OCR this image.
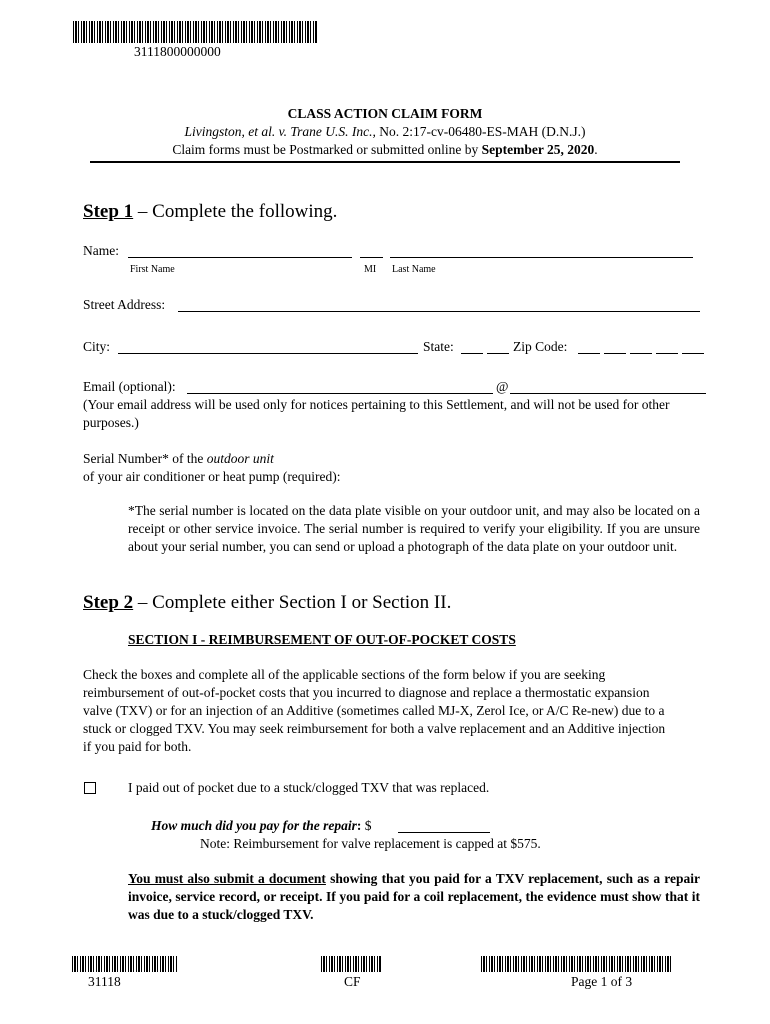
3111800000000
CLASS ACTION CLAIM FORM
Livingston, et al. v. Trane U.S. Inc., No. 2:17-cv-06480-ES-MAH (D.N.J.)
Claim forms must be Postmarked or submitted online by September 25, 2020.
Step 1 – Complete the following.
Name:
First Name	MI Last Name
Street Address:
City:	State:	Zip Code:
Email (optional):	@
(Your email address will be used only for notices pertaining to this Settlement, and will not be used for other purposes.)
Serial Number* of the outdoor unit
of your air conditioner or heat pump (required):
*The serial number is located on the data plate visible on your outdoor unit, and may also be located on a receipt or other service invoice. The serial number is required to verify your eligibility. If you are unsure about your serial number, you can send or upload a photograph of the data plate on your outdoor unit.
Step 2 – Complete either Section I or Section II.
SECTION I - REIMBURSEMENT OF OUT-OF-POCKET COSTS
Check the boxes and complete all of the applicable sections of the form below if you are seeking reimbursement of out-of-pocket costs that you incurred to diagnose and replace a thermostatic expansion valve (TXV) or for an injection of an Additive (sometimes called MJ-X, Zerol Ice, or A/C Re-new) due to a stuck or clogged TXV. You may seek reimbursement for both a valve replacement and an Additive injection if you paid for both.
I paid out of pocket due to a stuck/clogged TXV that was replaced.
How much did you pay for the repair: $
Note: Reimbursement for valve replacement is capped at $575.
You must also submit a document showing that you paid for a TXV replacement, such as a repair invoice, service record, or receipt. If you paid for a coil replacement, the evidence must show that it was due to a stuck/clogged TXV.
31118	CF	Page 1 of 3
